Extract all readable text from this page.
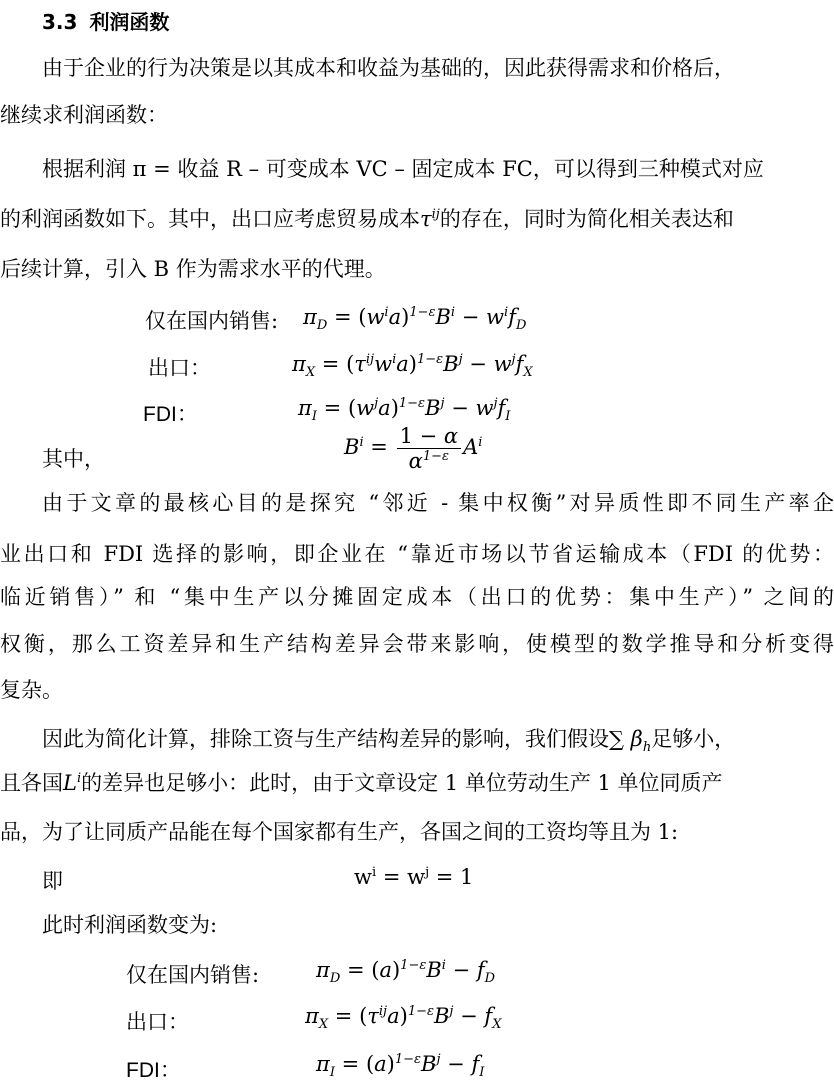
3.3 利润函数
由于企业的行为决策是以其成本和收益为基础的，因此获得需求和价格后，
继续求利润函数：
根据利润 π = 收益 R – 可变成本 VC – 固定成本 FC，可以得到三种模式对应
的利润函数如下。其中，出口应考虑贸易成本$\tau^{ij}$的存在，同时为简化相关表达和
后续计算，引入 B 作为需求水平的代理。
仅在国内销售: $\pi_D = (w^ia)^{1-\varepsilon}B^i - w^if_D$
出口：	$\pi_X = (\tau^{ij}w^ia)^{1-\varepsilon}B^j - w^jf_X$
FDI：	$\pi_I = (w^ja)^{1-\varepsilon}B^j - w^jf_I$
其中，	$B^i = \frac{1 - \alpha}{\alpha^{1-\varepsilon}} A^i$
由于文章的最核心目的是探究 “邻近 - 集中权衡”对异质性即不同生产率企
业出口和 FDI 选择的影响，即企业在 “靠近市场以节省运输成本（FDI 的优势：
临近销售）” 和 “集中生产以分摊固定成本（出口的优势：集中生产）” 之间的
权衡，那么工资差异和生产结构差异会带来影响，使模型的数学推导和分析变得
复杂。
因此为简化计算，排除工资与生产结构差异的影响，我们假设∑ $\beta_h$足够小，
且各国$L^i$的差异也足够小：此时，由于文章设定 1 单位劳动生产 1 单位同质产
品，为了让同质产品能在每个国家都有生产，各国之间的工资均等且为 1:
即	$w^i = w^j = 1$
此时利润函数变为:
仅在国内销售:	$\pi_D = (a)^{1-\varepsilon}B^i - f_D$
出口：	$\pi_X = (\tau^{ij}a)^{1-\varepsilon}B^j - f_X$
FDI：	$\pi_I = (a)^{1-\varepsilon}B^j - f_I$
